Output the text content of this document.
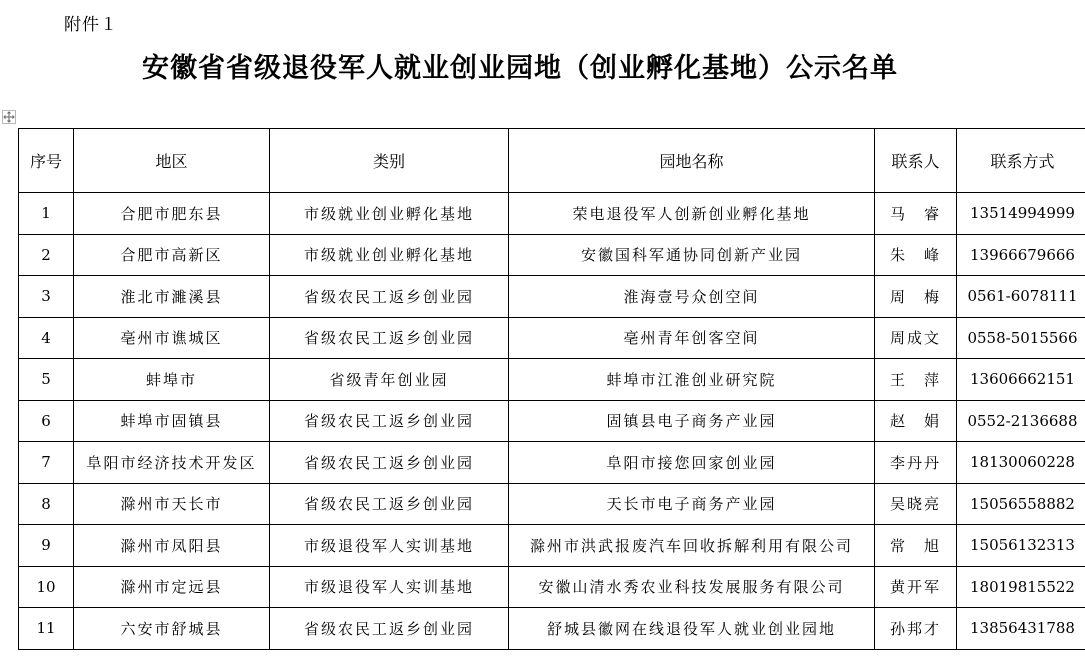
附件１
安徽省省级退役军人就业创业园地（创业孵化基地）公示名单
序号	地区	类别	园地名称	联系人	联系方式
1	合肥市肥东县	市级就业创业孵化基地	荣电退役军人创新创业孵化基地	马　睿	13514994999
2	合肥市高新区	市级就业创业孵化基地	安徽国科军通协同创新产业园	朱　峰	13966679666
3	淮北市濉溪县	省级农民工返乡创业园	淮海壹号众创空间	周　梅	0561-6078111
4	亳州市谯城区	省级农民工返乡创业园	亳州青年创客空间	周成文	0558-5015566
5	蚌埠市	省级青年创业园	蚌埠市江淮创业研究院	王　萍	13606662151
6	蚌埠市固镇县	省级农民工返乡创业园	固镇县电子商务产业园	赵　娟	0552-2136688
7	阜阳市经济技术开发区	省级农民工返乡创业园	阜阳市接您回家创业园	李丹丹	18130060228
8	滁州市天长市	省级农民工返乡创业园	天长市电子商务产业园	吴晓亮	15056558882
9	滁州市凤阳县	市级退役军人实训基地	滁州市洪武报废汽车回收拆解利用有限公司	常　旭	15056132313
10	滁州市定远县	市级退役军人实训基地	安徽山清水秀农业科技发展服务有限公司	黄开军	18019815522
11	六安市舒城县	省级农民工返乡创业园	舒城县徽网在线退役军人就业创业园地	孙邦才	13856431788
